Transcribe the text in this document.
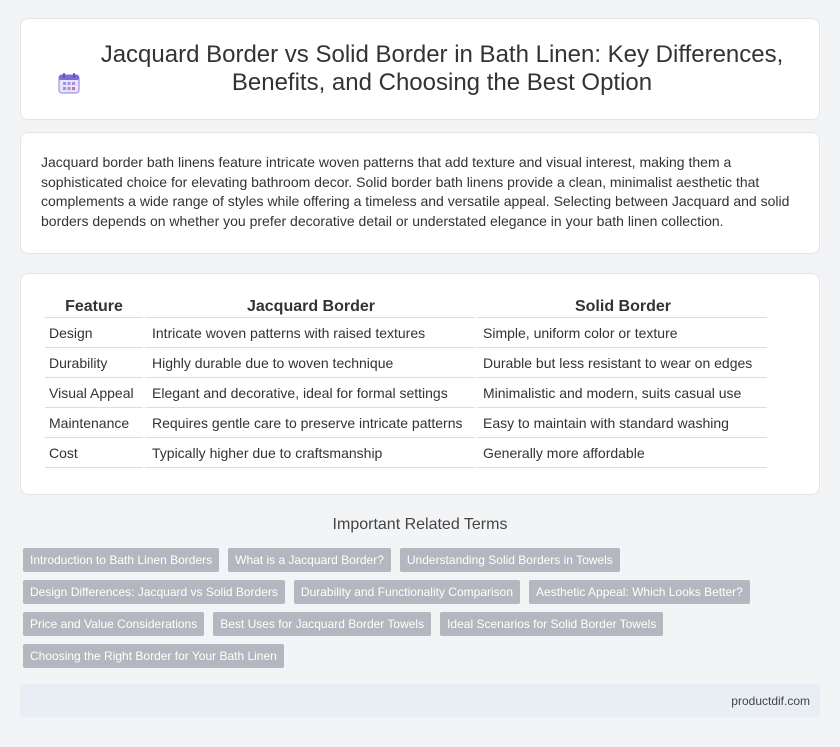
Jacquard Border vs Solid Border in Bath Linen: Key Differences,
Benefits, and Choosing the Best Option

Jacquard border bath linens feature intricate woven patterns that add texture and visual interest, making them a sophisticated choice for elevating bathroom decor. Solid border bath linens provide a clean, minimalist aesthetic that complements a wide range of styles while offering a timeless and versatile appeal. Selecting between Jacquard and solid borders depends on whether you prefer decorative detail or understated elegance in your bath linen collection.

Feature	Jacquard Border	Solid Border
Design	Intricate woven patterns with raised textures	Simple, uniform color or texture
Durability	Highly durable due to woven technique	Durable but less resistant to wear on edges
Visual Appeal	Elegant and decorative, ideal for formal settings	Minimalistic and modern, suits casual use
Maintenance	Requires gentle care to preserve intricate patterns	Easy to maintain with standard washing
Cost	Typically higher due to craftsmanship	Generally more affordable
Important Related Terms
Introduction to Bath Linen Borders	What is a Jacquard Border?	Understanding Solid Borders in Towels
Design Differences: Jacquard vs Solid Borders	Durability and Functionality Comparison	Aesthetic Appeal: Which Looks Better?
Price and Value Considerations	Best Uses for Jacquard Border Towels	Ideal Scenarios for Solid Border Towels
Choosing the Right Border for Your Bath Linen
productdif.com
